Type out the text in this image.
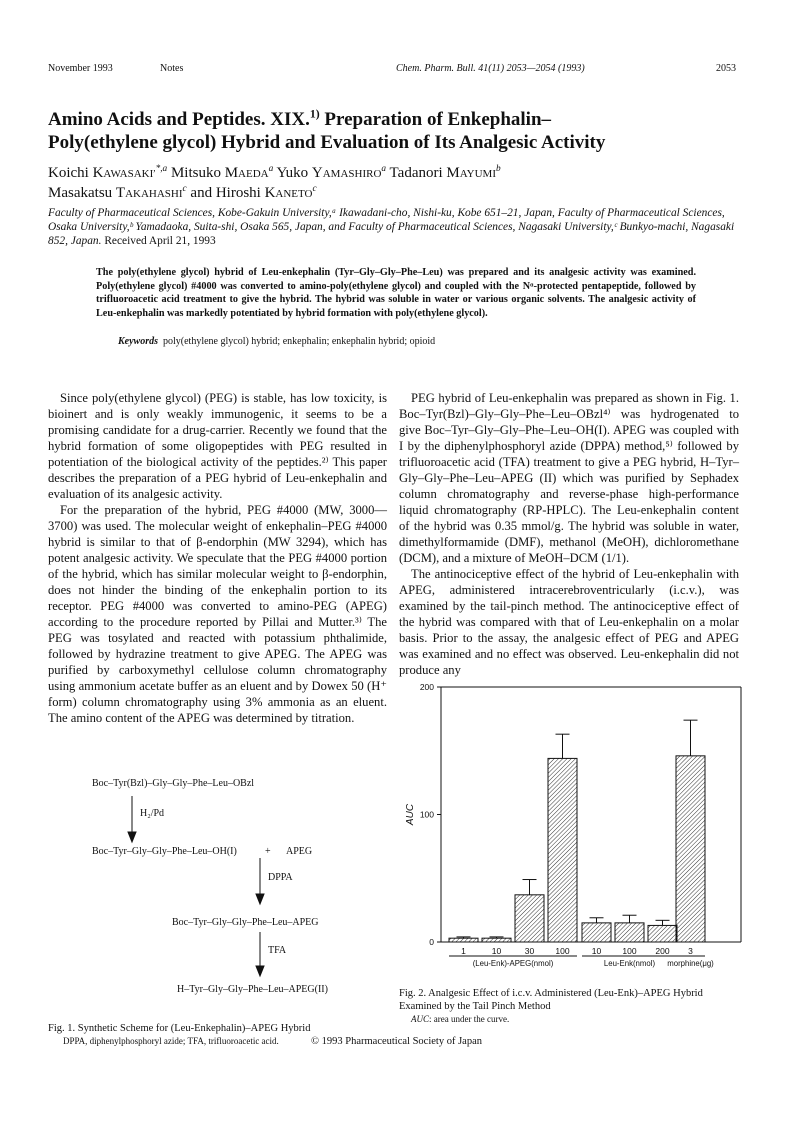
November 1993	Notes	Chem. Pharm. Bull. 41(11) 2053—2054 (1993)	2053
Amino Acids and Peptides. XIX.$^{1)}$ Preparation of Enkephalin–
Poly(ethylene glycol) Hybrid and Evaluation of Its Analgesic Activity
Koichi Kawasaki$^{,*,a}$ Mitsuko Maeda$^a$ Yuko Yamashiro$^a$ Tadanori Mayumi$^b$
Masakatsu Takahashi$^c$ and Hiroshi Kaneto$^c$
Faculty of Pharmaceutical Sciences, Kobe-Gakuin University,ᵃ Ikawadani-cho, Nishi-ku, Kobe 651–21, Japan, Faculty of Pharmaceutical Sciences, Osaka University,ᵇ Yamadaoka, Suita-shi, Osaka 565, Japan, and Faculty of Pharmaceutical Sciences, Nagasaki University,ᶜ Bunkyo-machi, Nagasaki 852, Japan. Received April 21, 1993
The poly(ethylene glycol) hybrid of Leu-enkephalin (Tyr–Gly–Gly–Phe–Leu) was prepared and its analgesic activity was examined. Poly(ethylene glycol) #4000 was converted to amino-poly(ethylene glycol) and coupled with the Nᵅ-protected pentapeptide, followed by trifluoroacetic acid treatment to give the hybrid. The hybrid was soluble in water or various organic solvents. The analgesic activity of Leu-enkephalin was markedly potentiated by hybrid formation with poly(ethylene glycol).
Keywords poly(ethylene glycol) hybrid; enkephalin; enkephalin hybrid; opioid

Since poly(ethylene glycol) (PEG) is stable, has low toxicity, is bioinert and is only weakly immunogenic, it seems to be a promising candidate for a drug-carrier. Recently we found that the hybrid formation of some oligopeptides with PEG resulted in potentiation of the biological activity of the peptides.²⁾ This paper describes the preparation of a PEG hybrid of Leu-enkephalin and evaluation of its analgesic activity.

For the preparation of the hybrid, PEG #4000 (MW, 3000—3700) was used. The molecular weight of enkephalin–PEG #4000 hybrid is similar to that of β-endorphin (MW 3294), which has potent analgesic activity. We speculate that the PEG #4000 portion of the hybrid, which has similar molecular weight to β-endorphin, does not hinder the binding of the enkephalin portion to its receptor. PEG #4000 was converted to amino-PEG (APEG) according to the procedure reported by Pillai and Mutter.³⁾ The PEG was tosylated and reacted with potassium phthalimide, followed by hydrazine treatment to give APEG. The APEG was purified by carboxymethyl cellulose column chromatography using ammonium acetate buffer as an eluent and by Dowex 50 (H⁺ form) column chromatography using 3% ammonia as an eluent. The amino content of the APEG was determined by titration.

PEG hybrid of Leu-enkephalin was prepared as shown in Fig. 1. Boc–Tyr(Bzl)–Gly–Gly–Phe–Leu–OBzl⁴⁾ was hydrogenated to give Boc–Tyr–Gly–Gly–Phe–Leu–OH(I). APEG was coupled with I by the diphenylphosphoryl azide (DPPA) method,⁵⁾ followed by trifluoroacetic acid (TFA) treatment to give a PEG hybrid, H–Tyr–Gly–Gly–Phe–Leu–APEG (II) which was purified by Sephadex column chromatography and reverse-phase high-performance liquid chromatography (RP-HPLC). The Leu-enkephalin content of the hybrid was 0.35 mmol/g. The hybrid was soluble in water, dimethylformamide (DMF), methanol (MeOH), dichloromethane (DCM), and a mixture of MeOH–DCM (1/1).

The antinociceptive effect of the hybrid of Leu-enkephalin with APEG, administered intracerebroventricularly (i.c.v.), was examined by the tail-pinch method. The antinociceptive effect of the hybrid was compared with that of Leu-enkephalin on a molar basis. Prior to the assay, the analgesic effect of PEG and APEG was examined and no effect was observed. Leu-enkephalin did not produce any

Boc–Tyr(Bzl)–Gly–Gly–Phe–Leu–OBzl
H₂/Pd
Boc–Tyr–Gly–Gly–Phe–Leu–OH(I)	+ APEG
DPPA
Boc–Tyr–Gly–Gly–Phe–Leu–APEG
TFA
H–Tyr–Gly–Gly–Phe–Leu–APEG(II)
Fig. 1. Synthetic Scheme for (Leu-Enkephalin)–APEG Hybrid
0
100
200
AUC
1	10	30 100
(Leu-Enk)-APEG(nmol)
10 100 200
Leu-Enk(nmol)
3
morphine(μg)
Fig. 2. Analgesic Effect of i.c.v. Administered (Leu-Enk)–APEG Hybrid
Examined by the Tail Pinch Method
AUC: area under the curve.
DPPA, diphenylphosphoryl azide; TFA, trifluoroacetic acid.	© 1993 Pharmaceutical Society of Japan
